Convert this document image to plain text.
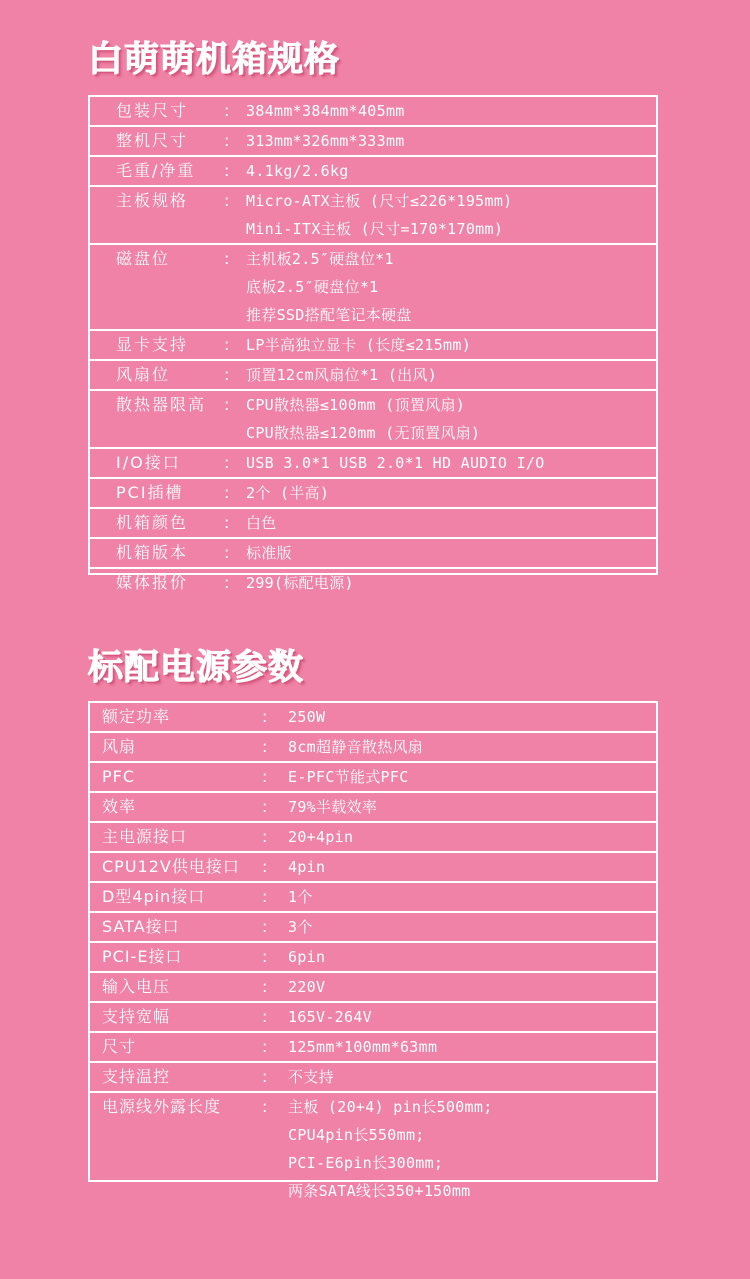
白萌萌机箱规格
包装尺寸	:	384mm*384mm*405mm
整机尺寸	:	313mm*326mm*333mm
毛重/净重	:	4.1kg/2.6kg
主板规格	:	Micro-ATX主板 (尺寸≤226*195mm)
Mini-ITX主板 (尺寸=170*170mm)
磁盘位	:	主机板2.5″硬盘位*1
底板2.5″硬盘位*1
推荐SSD搭配笔记本硬盘
显卡支持	:	LP半高独立显卡 (长度≤215mm)
风扇位	:	顶置12cm风扇位*1 (出风)
散热器限高	:	CPU散热器≤100mm (顶置风扇)
CPU散热器≤120mm (无顶置风扇)
I/O接口	:	USB 3.0*1 USB 2.0*1 HD AUDIO I/O
PCI插槽	:	2个 (半高)
机箱颜色	:	白色
机箱版本	:	标准版
媒体报价	:	299(标配电源)
标配电源参数
额定功率	:	250W
风扇	:	8cm超静音散热风扇
PFC	:	E-PFC节能式PFC
效率	:	79%半载效率
主电源接口	:	20+4pin
CPU12V供电接口	:	4pin
D型4pin接口	:	1个
SATA接口	:	3个
PCI-E接口	:	6pin
输入电压	:	220V
支持宽幅	:	165V-264V
尺寸	:	125mm*100mm*63mm
支持温控	:	不支持
电源线外露长度	:	主板 (20+4) pin长500mm;
CPU4pin长550mm;
PCI-E6pin长300mm;
两条SATA线长350+150mm
